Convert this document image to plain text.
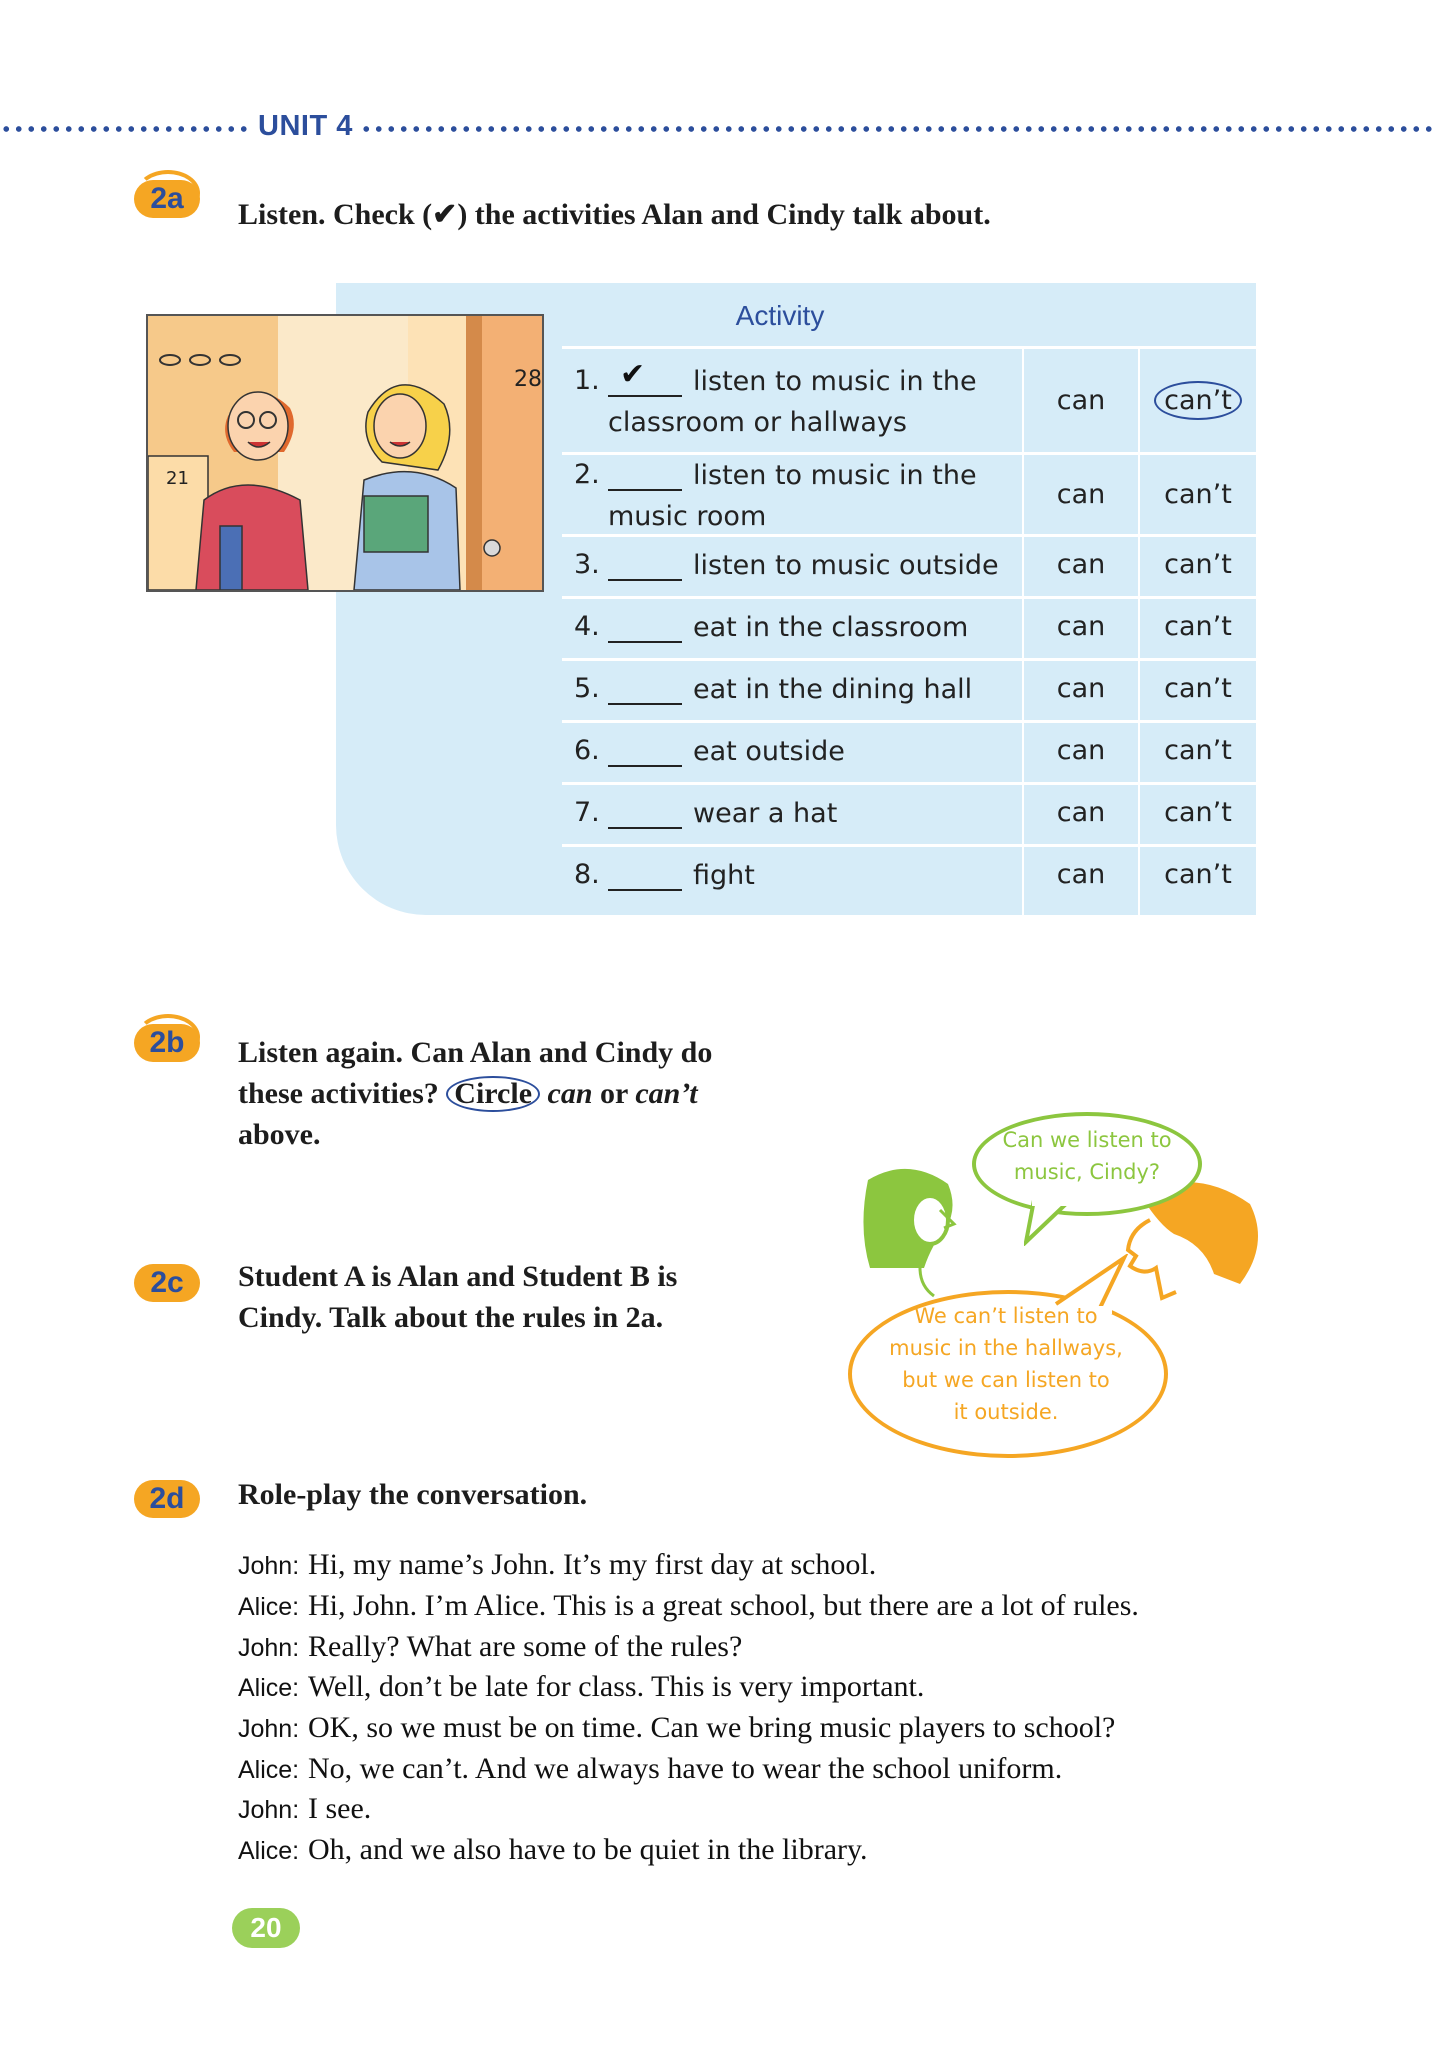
UNIT 4
2a	Listen. Check (✔) the activities Alan and Cindy talk about.
21
28
Activity
1. ✔	listen to music in the
classroom or hallways
can	can’t
2.	listen to music in the
music room
can	can’t
3.	listen to music outside	can	can’t
4.	eat in the classroom	can	can’t
5.	eat in the dining hall	can	can’t
6.	eat outside	can	can’t
7.	wear a hat	can	can’t
8.	fight	can	can’t
2b	Listen again. Can Alan and Cindy do
these activities? Circle can or can’t
above.
2c	Student A is Alan and Student B is
Cindy. Talk about the rules in 2a.
Can we listen to
music, Cindy?
We can’t listen to
music in the hallways,
but we can listen to
it outside.
2d	Role-play the conversation.
John: Hi, my name’s John. It’s my first day at school.
Alice: Hi, John. I’m Alice. This is a great school, but there are a lot of rules.
John: Really? What are some of the rules?
Alice: Well, don’t be late for class. This is very important.
John: OK, so we must be on time. Can we bring music players to school?
Alice: No, we can’t. And we always have to wear the school uniform.
John: I see.
Alice: Oh, and we also have to be quiet in the library.
20
